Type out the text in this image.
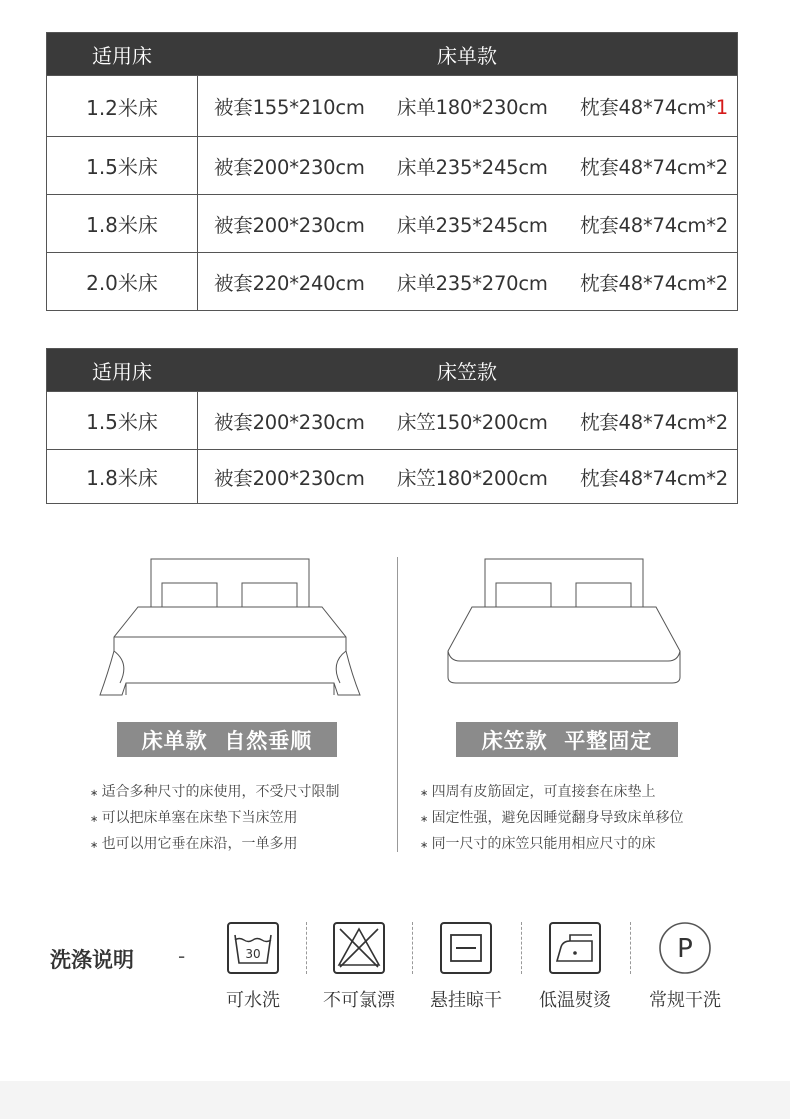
适用床	床单款
1.2米床	被套155*210cm 床单180*230cm 枕套48*74cm*1
1.5米床	被套200*230cm 床单235*245cm 枕套48*74cm*2
1.8米床	被套200*230cm 床单235*245cm 枕套48*74cm*2
2.0米床	被套220*240cm 床单235*270cm 枕套48*74cm*2
适用床	床笠款
1.5米床	被套200*230cm 床笠150*200cm 枕套48*74cm*2
1.8米床	被套200*230cm 床笠180*200cm 枕套48*74cm*2
床单款  自然垂顺	床笠款  平整固定
∗ 适合多种尺寸的床使用，不受尺寸限制
∗ 可以把床单塞在床垫下当床笠用
∗ 也可以用它垂在床沿，一单多用
∗ 四周有皮筋固定，可直接套在床垫上
∗ 固定性强，避免因睡觉翻身导致床单移位
∗ 同一尺寸的床笠只能用相应尺寸的床
洗涤说明 -	30
可水洗	不可氯漂	悬挂晾干	低温熨烫
P
常规干洗
